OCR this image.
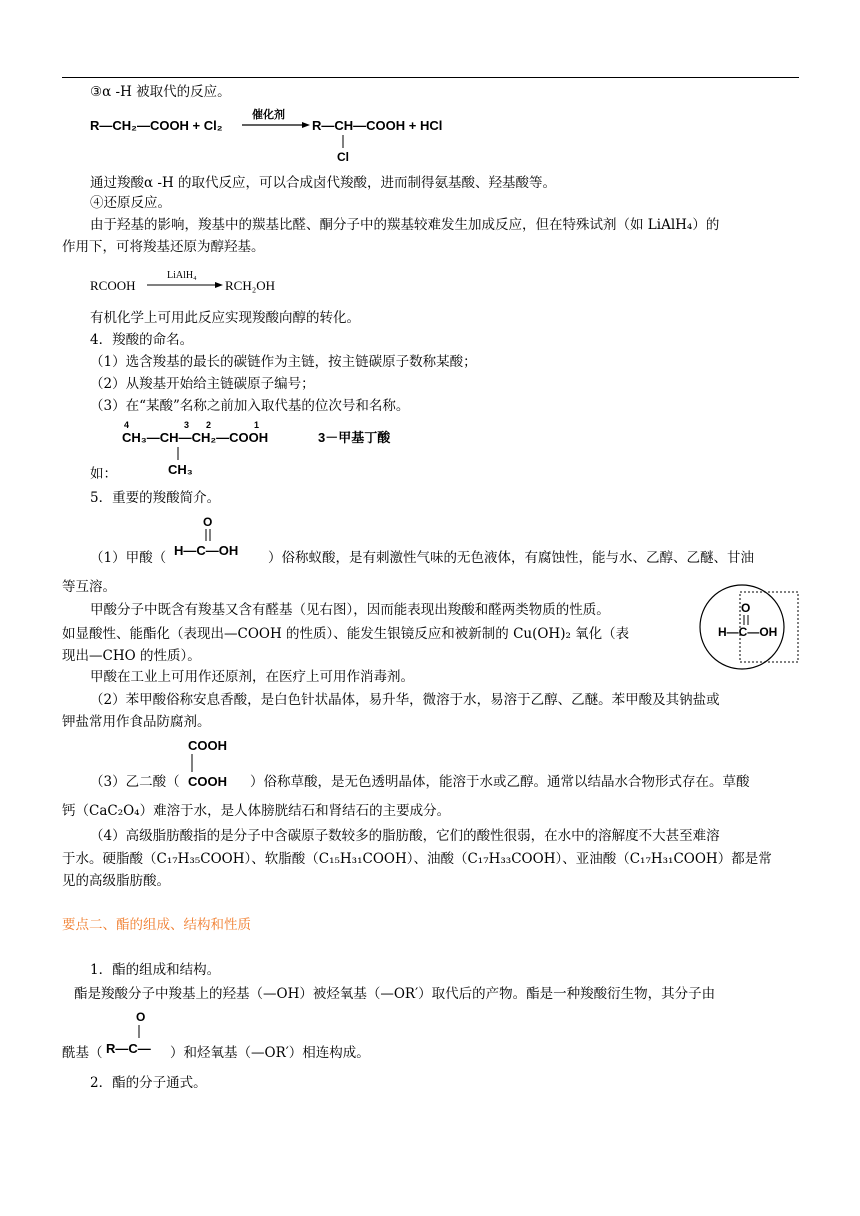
③α -H 被取代的反应。
R—CH₂—COOH + Cl₂
催化剂
R—CH—COOH + HCl
Cl
通过羧酸α -H 的取代反应，可以合成卤代羧酸，进而制得氨基酸、羟基酸等。
④还原反应。
由于羟基的影响，羧基中的羰基比醛、酮分子中的羰基较难发生加成反应，但在特殊试剂（如 LiAlH₄）的
作用下，可将羧基还原为醇羟基。
RCOOH
LiAlH₄
RCH₂OH
有机化学上可用此反应实现羧酸向醇的转化。
4．羧酸的命名。
（1）选含羧基的最长的碳链作为主链，按主链碳原子数称某酸；
（2）从羧基开始给主链碳原子编号；
（3）在“某酸”名称之前加入取代基的位次号和名称。
4	3 2	1
CH₃—CH—CH₂—COOH
CH₃
3－甲基丁酸
如：
5．重要的羧酸简介。
O
H—C—OH
（1）甲酸（	）俗称蚁酸，是有刺激性气味的无色液体，有腐蚀性，能与水、乙醇、乙醚、甘油
等互溶。
甲酸分子中既含有羧基又含有醛基（见右图），因而能表现出羧酸和醛两类物质的性质。
如显酸性、能酯化（表现出—COOH 的性质）、能发生银镜反应和被新制的 Cu(OH)₂ 氧化（表
现出—CHO 的性质）。
O
H—C—OH
甲酸在工业上可用作还原剂，在医疗上可用作消毒剂。
（2）苯甲酸俗称安息香酸，是白色针状晶体，易升华，微溶于水，易溶于乙醇、乙醚。苯甲酸及其钠盐或
钾盐常用作食品防腐剂。
COOH
COOH
（3）乙二酸（	）俗称草酸，是无色透明晶体，能溶于水或乙醇。通常以结晶水合物形式存在。草酸
钙（CaC₂O₄）难溶于水，是人体膀胱结石和肾结石的主要成分。
（4）高级脂肪酸指的是分子中含碳原子数较多的脂肪酸，它们的酸性很弱，在水中的溶解度不大甚至难溶
于水。硬脂酸（C₁₇H₃₅COOH）、软脂酸（C₁₅H₃₁COOH）、油酸（C₁₇H₃₃COOH）、亚油酸（C₁₇H₃₁COOH）都是常
见的高级脂肪酸。
要点二、酯的组成、结构和性质
1．酯的组成和结构。
酯是羧酸分子中羧基上的羟基（—OH）被烃氧基（—OR′）取代后的产物。酯是一种羧酸衍生物，其分子由
O
R—C—
酰基（	）和烃氧基（—OR′）相连构成。
2．酯的分子通式。
